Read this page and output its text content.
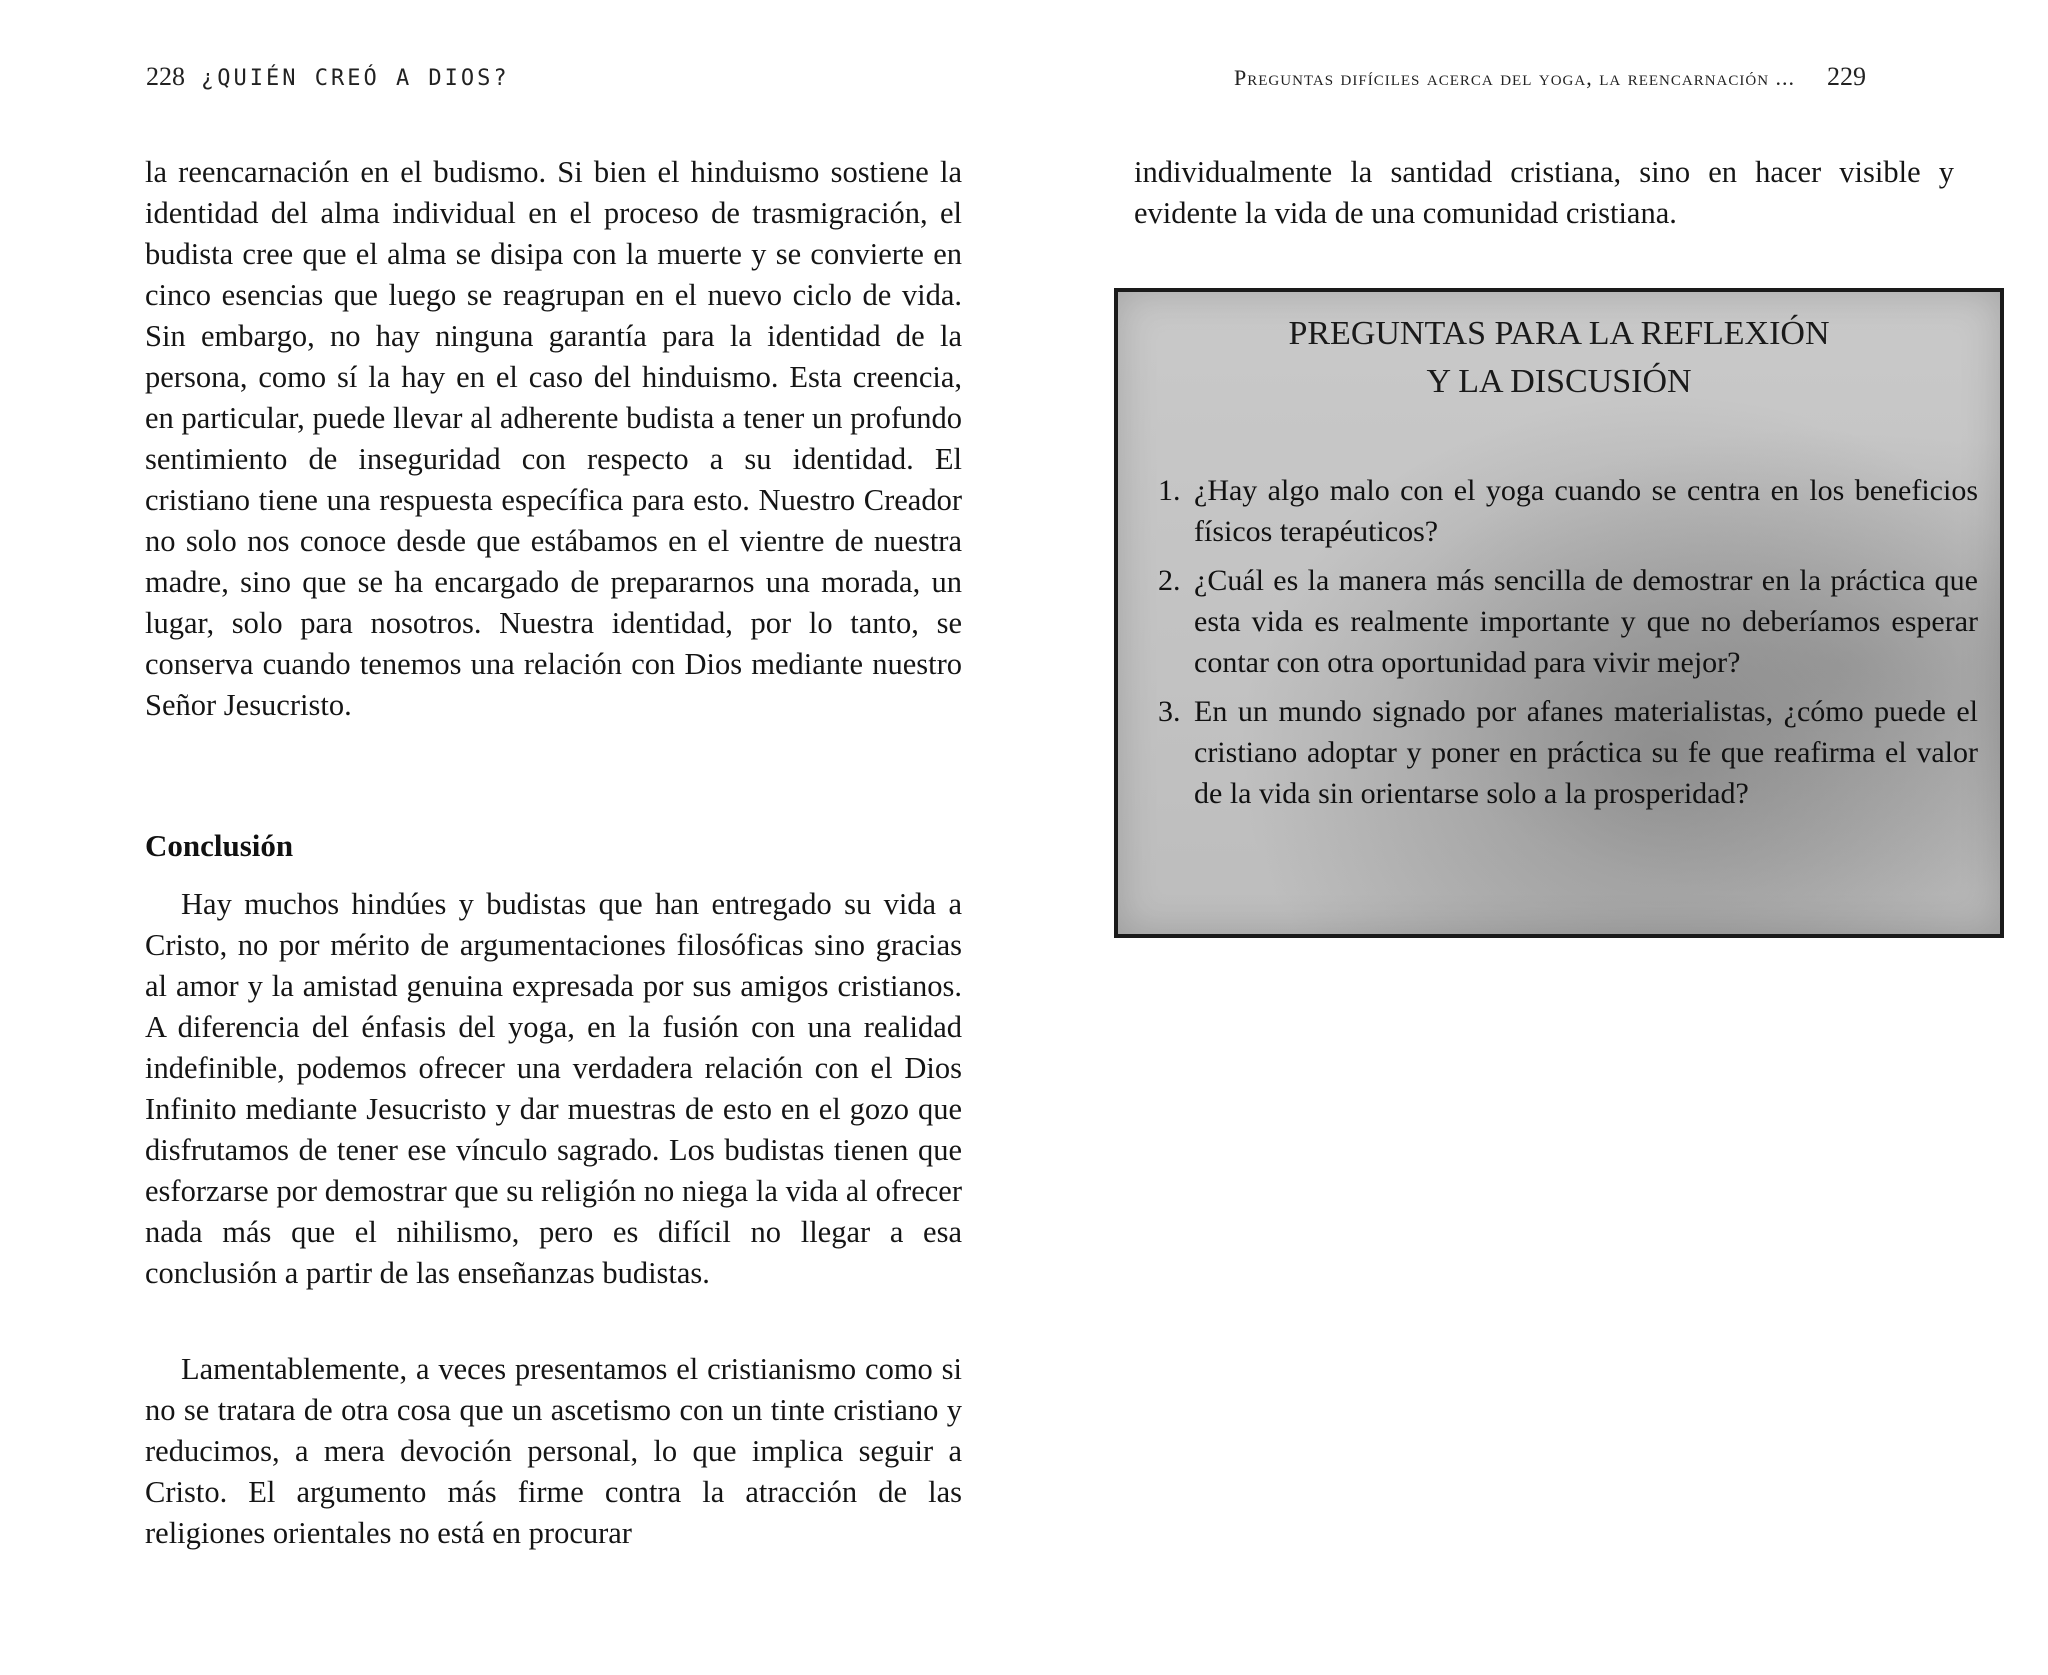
228 ¿QUIÉN CREÓ A DIOS?

la reencarnación en el budismo. Si bien el hinduismo sostiene la identidad del alma individual en el proceso de trasmigración, el budista cree que el alma se disipa con la muerte y se convierte en cinco esencias que luego se reagrupan en el nuevo ciclo de vida. Sin embargo, no hay ninguna garantía para la identidad de la persona, como sí la hay en el caso del hinduismo. Esta creencia, en particular, puede llevar al adherente budista a tener un profundo sentimiento de inseguridad con respecto a su identidad. El cristiano tiene una respuesta específica para esto. Nuestro Creador no solo nos conoce desde que estábamos en el vientre de nuestra madre, sino que se ha encargado de prepararnos una morada, un lugar, solo para nosotros. Nuestra identidad, por lo tanto, se conserva cuando tenemos una relación con Dios mediante nuestro Señor Jesucristo.

Conclusión

Hay muchos hindúes y budistas que han entregado su vida a Cristo, no por mérito de argumentaciones filosóficas sino gracias al amor y la amistad genuina expresada por sus amigos cristianos. A diferencia del énfasis del yoga, en la fusión con una realidad indefinible, podemos ofrecer una verdadera relación con el Dios Infinito mediante Jesucristo y dar muestras de esto en el gozo que disfrutamos de tener ese vínculo sagrado. Los budistas tienen que esforzarse por demostrar que su religión no niega la vida al ofrecer nada más que el nihilismo, pero es difícil no llegar a esa conclusión a partir de las enseñanzas budistas.

Lamentablemente, a veces presentamos el cristianismo como si no se tratara de otra cosa que un ascetismo con un tinte cristiano y reducimos, a mera devoción personal, lo que implica seguir a Cristo. El argumento más firme contra la atracción de las religiones orientales no está en procurar

Preguntas difíciles acerca del yoga, la reencarnación ... 229

individualmente la santidad cristiana, sino en hacer visible y evidente la vida de una comunidad cristiana.

PREGUNTAS PARA LA REFLEXIÓN
Y LA DISCUSIÓN
1. ¿Hay algo malo con el yoga cuando se centra en los beneficios físicos terapéuticos?
2. ¿Cuál es la manera más sencilla de demostrar en la práctica que esta vida es realmente importante y que no deberíamos esperar contar con otra oportunidad para vivir mejor?
3. En un mundo signado por afanes materialistas, ¿cómo puede el cristiano adoptar y poner en práctica su fe que reafirma el valor de la vida sin orientarse solo a la prosperidad?
